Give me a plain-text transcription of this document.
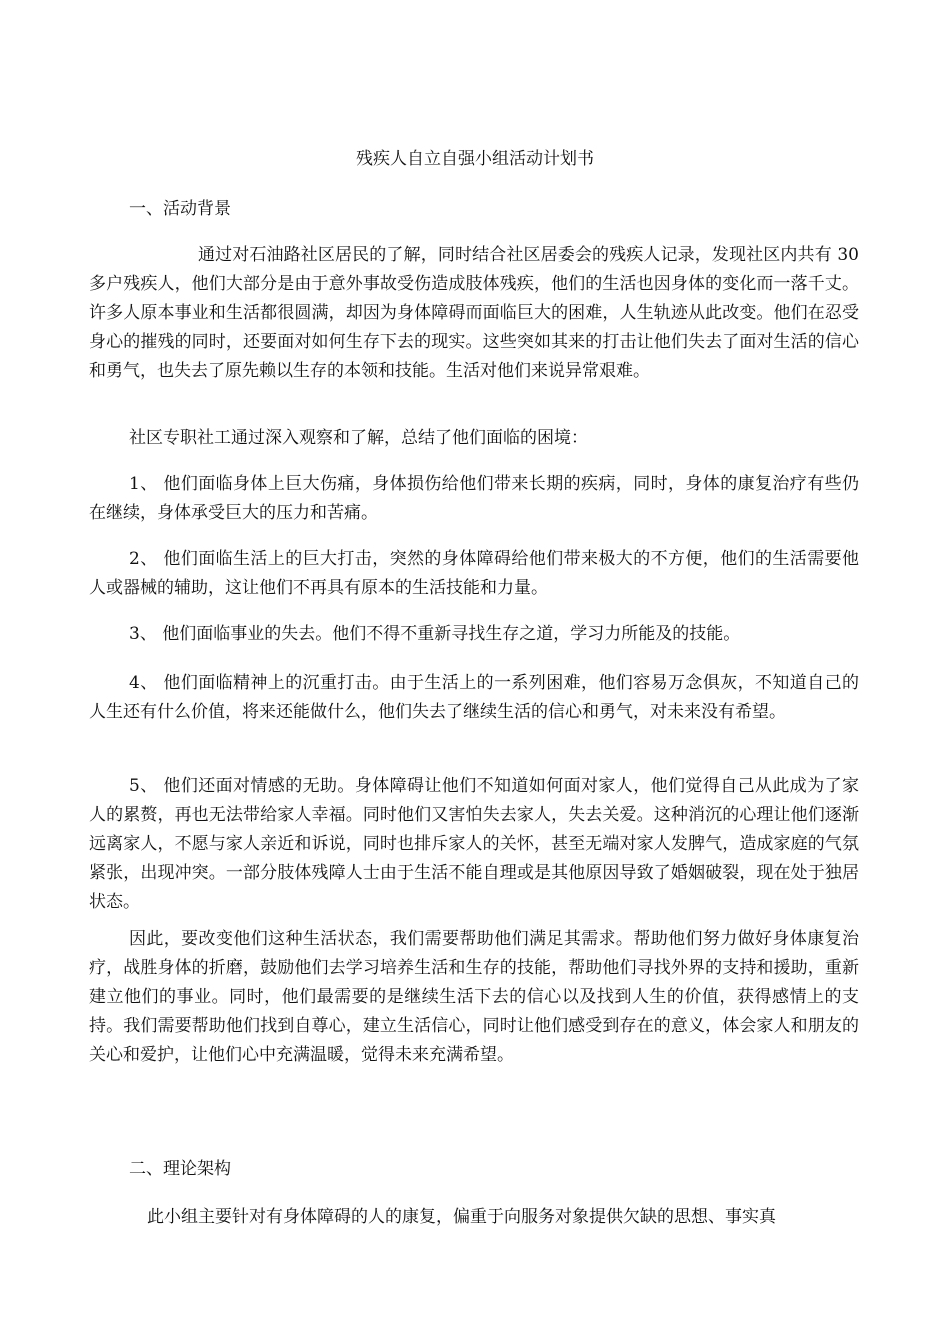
残疾人自立自强小组活动计划书
一、活动背景

通过对石油路社区居民的了解，同时结合社区居委会的残疾人记录，发现社区内共有 30 多户残疾人，他们大部分是由于意外事故受伤造成肢体残疾，他们的生活也因身体的变化而一落千丈。许多人原本事业和生活都很圆满，却因为身体障碍而面临巨大的困难，人生轨迹从此改变。他们在忍受身心的摧残的同时，还要面对如何生存下去的现实。这些突如其来的打击让他们失去了面对生活的信心和勇气，也失去了原先赖以生存的本领和技能。生活对他们来说异常艰难。

社区专职社工通过深入观察和了解，总结了他们面临的困境：

1、 他们面临身体上巨大伤痛，身体损伤给他们带来长期的疾病，同时，身体的康复治疗有些仍在继续，身体承受巨大的压力和苦痛。

2、 他们面临生活上的巨大打击，突然的身体障碍给他们带来极大的不方便，他们的生活需要他人或器械的辅助，这让他们不再具有原本的生活技能和力量。

3、 他们面临事业的失去。他们不得不重新寻找生存之道，学习力所能及的技能。

4、 他们面临精神上的沉重打击。由于生活上的一系列困难，他们容易万念俱灰，不知道自己的人生还有什么价值，将来还能做什么，他们失去了继续生活的信心和勇气，对未来没有希望。

5、 他们还面对情感的无助。身体障碍让他们不知道如何面对家人，他们觉得自己从此成为了家人的累赘，再也无法带给家人幸福。同时他们又害怕失去家人，失去关爱。这种消沉的心理让他们逐渐远离家人，不愿与家人亲近和诉说，同时也排斥家人的关怀，甚至无端对家人发脾气，造成家庭的气氛紧张，出现冲突。一部分肢体残障人士由于生活不能自理或是其他原因导致了婚姻破裂，现在处于独居状态。

因此，要改变他们这种生活状态，我们需要帮助他们满足其需求。帮助他们努力做好身体康复治疗，战胜身体的折磨，鼓励他们去学习培养生活和生存的技能，帮助他们寻找外界的支持和援助，重新建立他们的事业。同时，他们最需要的是继续生活下去的信心以及找到人生的价值，获得感情上的支持。我们需要帮助他们找到自尊心，建立生活信心，同时让他们感受到存在的意义，体会家人和朋友的关心和爱护，让他们心中充满温暖，觉得未来充满希望。

二、理论架构

此小组主要针对有身体障碍的人的康复，偏重于向服务对象提供欠缺的思想、事实真
